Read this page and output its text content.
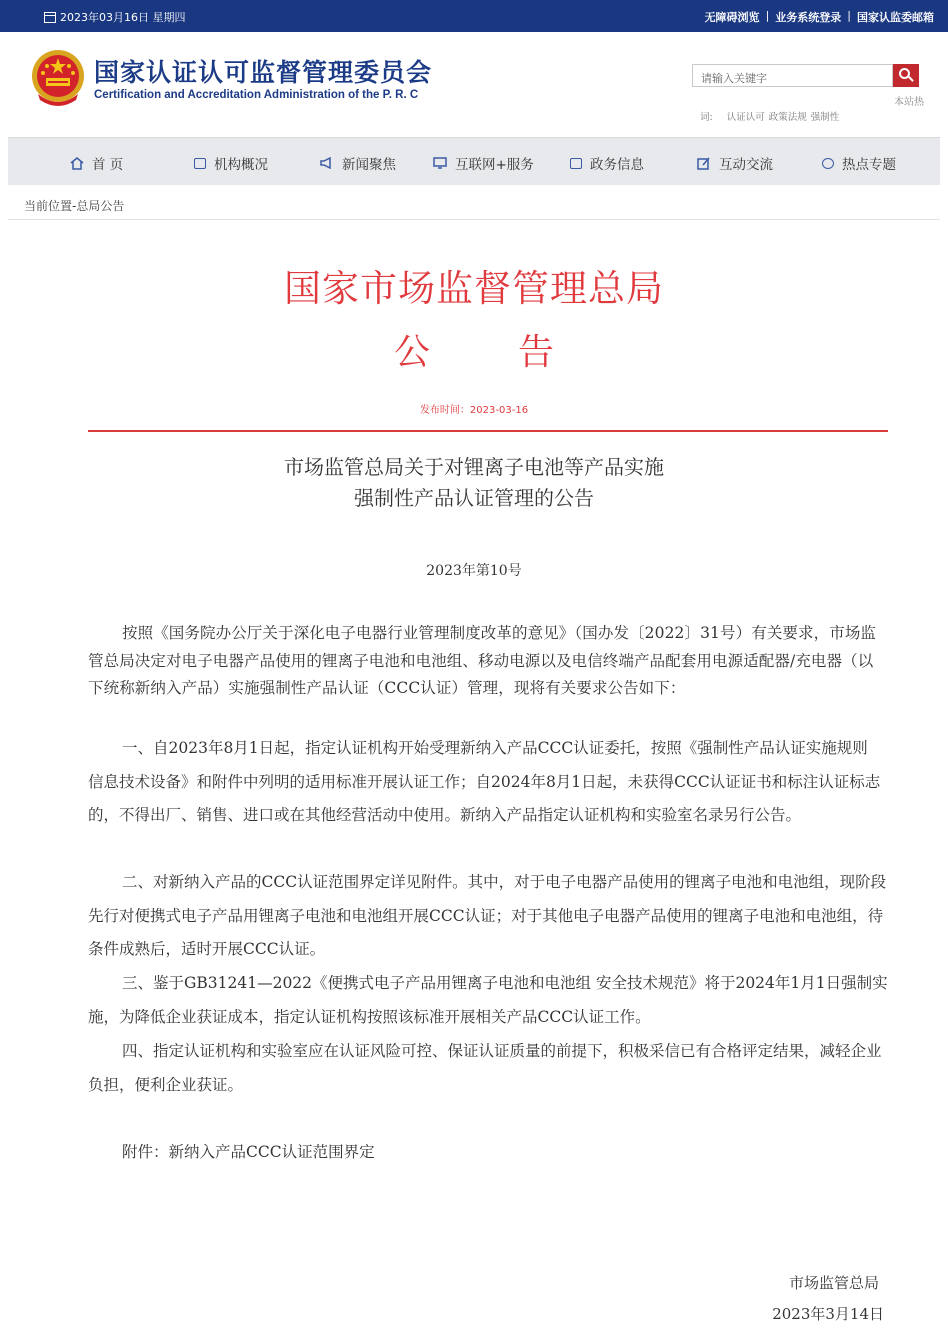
2023年03月16日 星期四	无障碍浏览 | 业务系统登录 | 国家认监委邮箱
国家认证认可监督管理委员会
Certification and Accreditation Administration of the P. R. C
请输入关键字
本站热
词: 认证认可 政策法规 强制性
首 页	机构概况	新闻聚焦	互联网+服务	政务信息	互动交流	热点专题
当前位置-总局公告
国家市场监督管理总局
公告
发布时间：2023-03-16
市场监管总局关于对锂离子电池等产品实施
强制性产品认证管理的公告
2023年第10号

按照《国务院办公厅关于深化电子电器行业管理制度改革的意见》（国办发〔2022〕31号）有关要求，市场监管总局决定对电子电器产品使用的锂离子电池和电池组、移动电源以及电信终端产品配套用电源适配器/充电器（以下统称新纳入产品）实施强制性产品认证（CCC认证）管理，现将有关要求公告如下：

一、自2023年8月1日起，指定认证机构开始受理新纳入产品CCC认证委托，按照《强制性产品认证实施规则 信息技术设备》和附件中列明的适用标准开展认证工作；自2024年8月1日起，未获得CCC认证证书和标注认证标志的，不得出厂、销售、进口或在其他经营活动中使用。新纳入产品指定认证机构和实验室名录另行公告。

二、对新纳入产品的CCC认证范围界定详见附件。其中，对于电子电器产品使用的锂离子电池和电池组，现阶段先行对便携式电子产品用锂离子电池和电池组开展CCC认证；对于其他电子电器产品使用的锂离子电池和电池组，待条件成熟后，适时开展CCC认证。

三、鉴于GB31241—2022《便携式电子产品用锂离子电池和电池组 安全技术规范》将于2024年1月1日强制实施，为降低企业获证成本，指定认证机构按照该标准开展相关产品CCC认证工作。

四、指定认证机构和实验室应在认证风险可控、保证认证质量的前提下，积极采信已有合格评定结果，减轻企业负担，便利企业获证。

附件：新纳入产品CCC认证范围界定
市场监管总局
2023年3月14日
